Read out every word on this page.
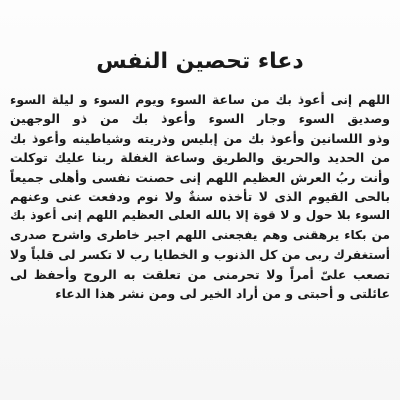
دعاء تحصين النفس
اللهم إنى أعوذ بك من ساعة السوء ويوم السوء و ليلة السوء
وصديق السوء وجار السوء وأعوذ بك من ذو الوجهين
وذو اللسانين وأعوذ بك من إبليس وذريته وشياطينه وأعوذ بك
من الحديد والحريق والطريق وساعة الغفلة ربنا عليك توكلت
وأنت ربُ العرش العظيم اللهم إنى حصنت نفسى وأهلى جميعاً
بالحى القيوم الذى لا تأخذه سنةٌ ولا نوم ودفعت عنى وعنهم
السوء بلا حول و لا قوة إلا بالله العلى العظيم اللهم إنى أعوذ بك
من بكاء يرهقنى وهم يفجعنى اللهم اجبر خاطرى واشرح صدرى
أستغفرك ربى من كل الذنوب و الخطايا رب لا تكسر لى قلباً ولا
تصعب علىّ أمراً ولا تحرمنى من تعلقت به الروح وأحفظ لى
عائلتى و أحبتى و من أراد الخير لى ومن نشر هذا الدعاء
